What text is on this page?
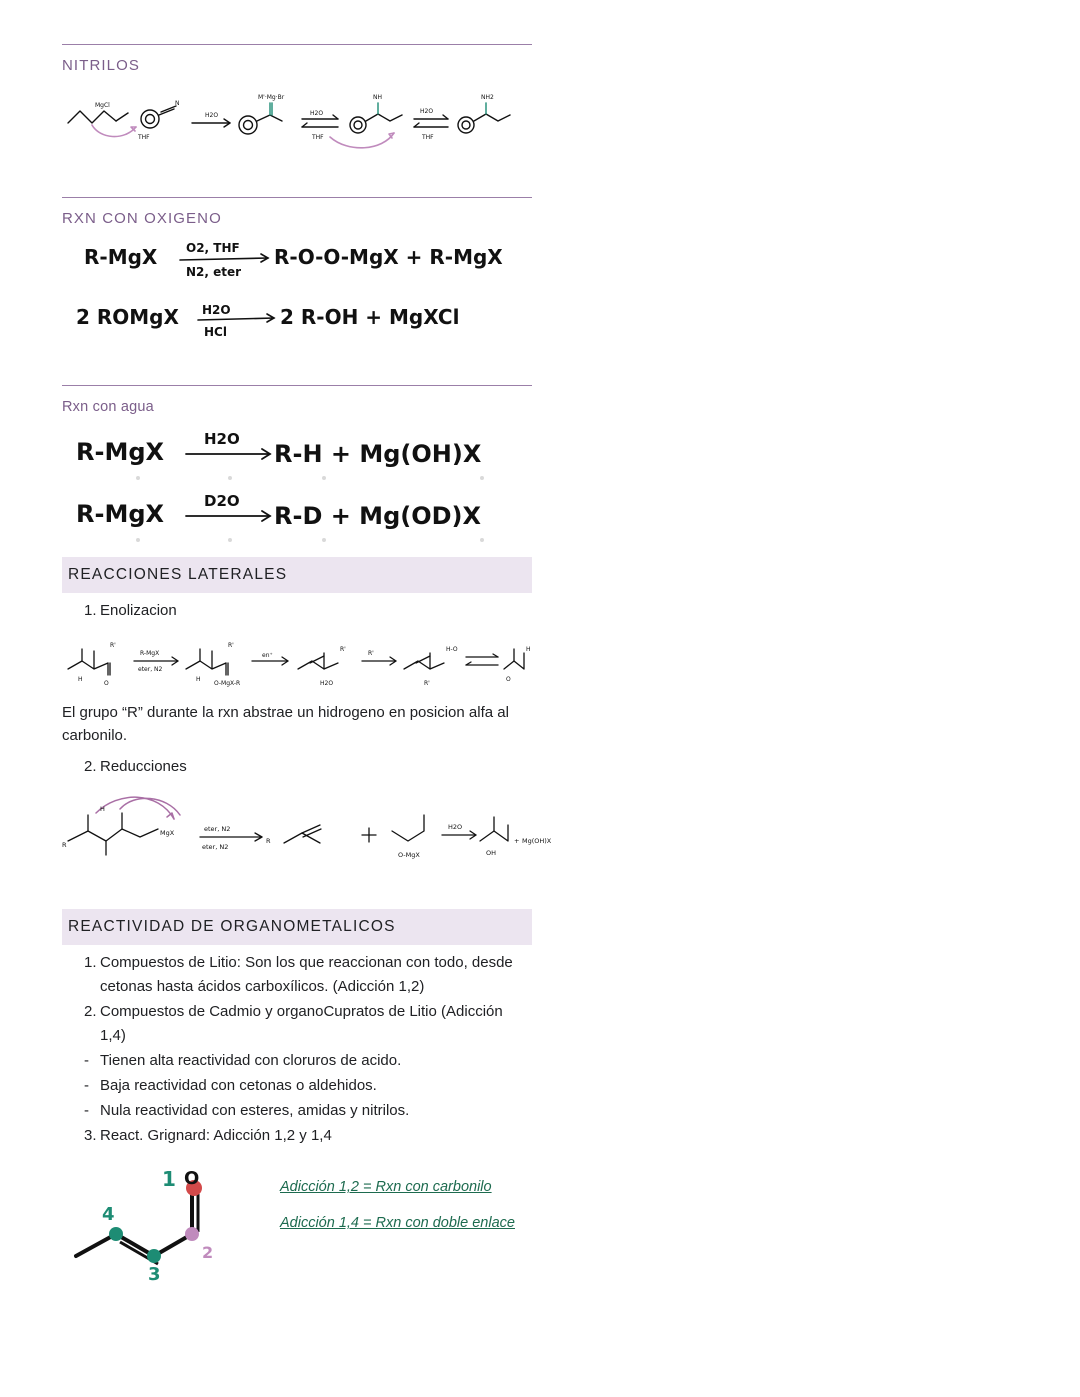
NITRILOS
MgCl
THF
N
M'·Mg·Br
H2O	H2O
THF
NH
H2O
THF
NH2
RXN CON OXIGENO
R-MgX O2, THF
N2, eter
R-O-O-MgX + R-MgX
2 ROMgX H2O
HCl
2 R-OH + MgXCl
Rxn con agua
R-MgX	H2O
R-H + Mg(OH)X
R-MgX	D2O
R-D + Mg(OD)X
REACCIONES LATERALES
1. Enolizacion
R'
H
O
R-MgX
eter, N2
R'
H
O-MgX-R
en⁺
R'
H2O
R'
H-O
R'
H
O

El grupo “R” durante la rxn abstrae un hidrogeno en posicion alfa al carbonilo.

2. Reducciones
R
H
MgX	eter, N2
eter, N2
R
O-MgX
H2O
OH
+ Mg(OH)X
REACTIVIDAD DE ORGANOMETALICOS
1. Compuestos de Litio: Son los que reaccionan con todo, desde cetonas hasta ácidos carboxílicos. (Adicción 1,2)
2. Compuestos de Cadmio y organoCupratos de Litio (Adicción 1,4)
- Tienen alta reactividad con cloruros de acido.
- Baja reactividad con cetonas o aldehidos.
- Nula reactividad con esteres, amidas y nitrilos.
3. React. Grignard: Adicción 1,2 y 1,4
4
3
2
1 O	Adicción 1,2 = Rxn con carbonilo
Adicción 1,4 = Rxn con doble enlace
